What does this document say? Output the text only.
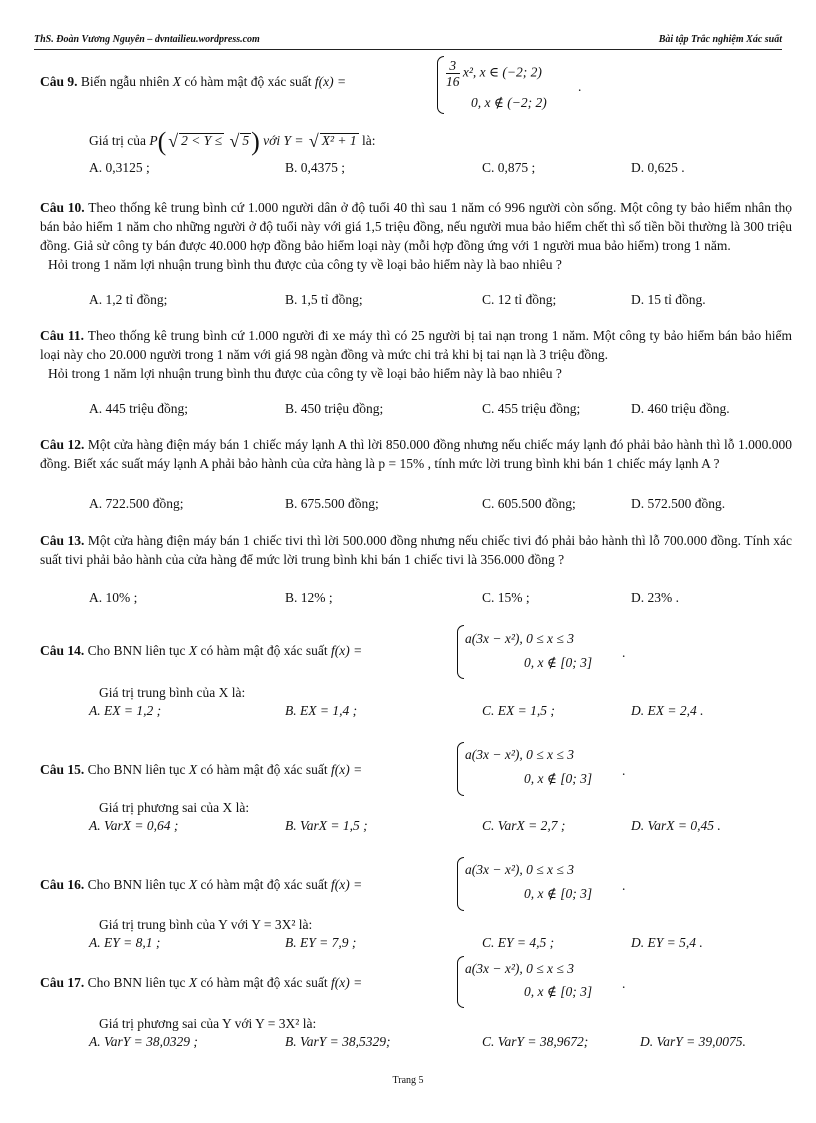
ThS. Đoàn Vương Nguyên – dvntailieu.wordpress.com	Bài tập Trắc nghiệm Xác suất
Câu 9. Biến ngẫu nhiên X có hàm mật độ xác suất f(x) =	$\frac{3}{16} x^2$, x ∈ (−2; 2)
0, x ∉ (−2; 2)
.
Giá trị của P( √ 2 < Y ≤ √ 5) với Y = √ X² + 1 là:
A. 0,3125 ;	B. 0,4375 ;	C. 0,875 ;	D. 0,625 .

Câu 10. Theo thống kê trung bình cứ 1.000 người dân ở độ tuổi 40 thì sau 1 năm có 996 người còn sống. Một công ty bảo hiểm nhân thọ bán bảo hiểm 1 năm cho những người ở độ tuổi này với giá 1,5 triệu đồng, nếu người mua bảo hiểm chết thì số tiền bồi thường là 300 triệu đồng. Giả sử công ty bán được 40.000 hợp đồng bảo hiểm loại này (mỗi hợp đồng ứng với 1 người mua bảo hiểm) trong 1 năm.

Hỏi trong 1 năm lợi nhuận trung bình thu được của công ty về loại bảo hiểm này là bao nhiêu ?

A. 1,2 tỉ đồng;	B. 1,5 tỉ đồng;	C. 12 tỉ đồng;	D. 15 tỉ đồng.

Câu 11. Theo thống kê trung bình cứ 1.000 người đi xe máy thì có 25 người bị tai nạn trong 1 năm. Một công ty bảo hiểm bán bảo hiểm loại này cho 20.000 người trong 1 năm với giá 98 ngàn đồng và mức chi trả khi bị tai nạn là 3 triệu đồng.

Hỏi trong 1 năm lợi nhuận trung bình thu được của công ty về loại bảo hiểm này là bao nhiêu ?

A. 445 triệu đồng;	B. 450 triệu đồng;	C. 455 triệu đồng;	D. 460 triệu đồng.

Câu 12. Một cửa hàng điện máy bán 1 chiếc máy lạnh A thì lời 850.000 đồng nhưng nếu chiếc máy lạnh đó phải bảo hành thì lỗ 1.000.000 đồng. Biết xác suất máy lạnh A phải bảo hành của cửa hàng là p = 15% , tính mức lời trung bình khi bán 1 chiếc máy lạnh A ?

A. 722.500 đồng;	B. 675.500 đồng;	C. 605.500 đồng;	D. 572.500 đồng.

Câu 13. Một cửa hàng điện máy bán 1 chiếc tivi thì lời 500.000 đồng nhưng nếu chiếc tivi đó phải bảo hành thì lỗ 700.000 đồng. Tính xác suất tivi phải bảo hành của cửa hàng để mức lời trung bình khi bán 1 chiếc tivi là 356.000 đồng ?

A. 10% ;	B. 12% ;	C. 15% ;	D. 23% .
Câu 14. Cho BNN liên tục X có hàm mật độ xác suất f(x) =
a(3x − x²), 0 ≤ x ≤ 3
0, x ∉ [0; 3]
.
Giá trị trung bình của X là:
A. EX = 1,2 ;	B. EX = 1,4 ;	C. EX = 1,5 ;	D. EX = 2,4 .
Câu 15. Cho BNN liên tục X có hàm mật độ xác suất f(x) =
a(3x − x²), 0 ≤ x ≤ 3
0, x ∉ [0; 3]
.
Giá trị phương sai của X là:
A. VarX = 0,64 ;	B. VarX = 1,5 ;	C. VarX = 2,7 ;	D. VarX = 0,45 .
Câu 16. Cho BNN liên tục X có hàm mật độ xác suất f(x) =
a(3x − x²), 0 ≤ x ≤ 3
0, x ∉ [0; 3]
.
Giá trị trung bình của Y với Y = 3X² là:
A. EY = 8,1 ;	B. EY = 7,9 ;	C. EY = 4,5 ;	D. EY = 5,4 .
Câu 17. Cho BNN liên tục X có hàm mật độ xác suất f(x) =
a(3x − x²), 0 ≤ x ≤ 3
0, x ∉ [0; 3]
.
Giá trị phương sai của Y với Y = 3X² là:
A. VarY = 38,0329 ;	B. VarY = 38,5329;	C. VarY = 38,9672;	D. VarY = 39,0075.
Trang 5
